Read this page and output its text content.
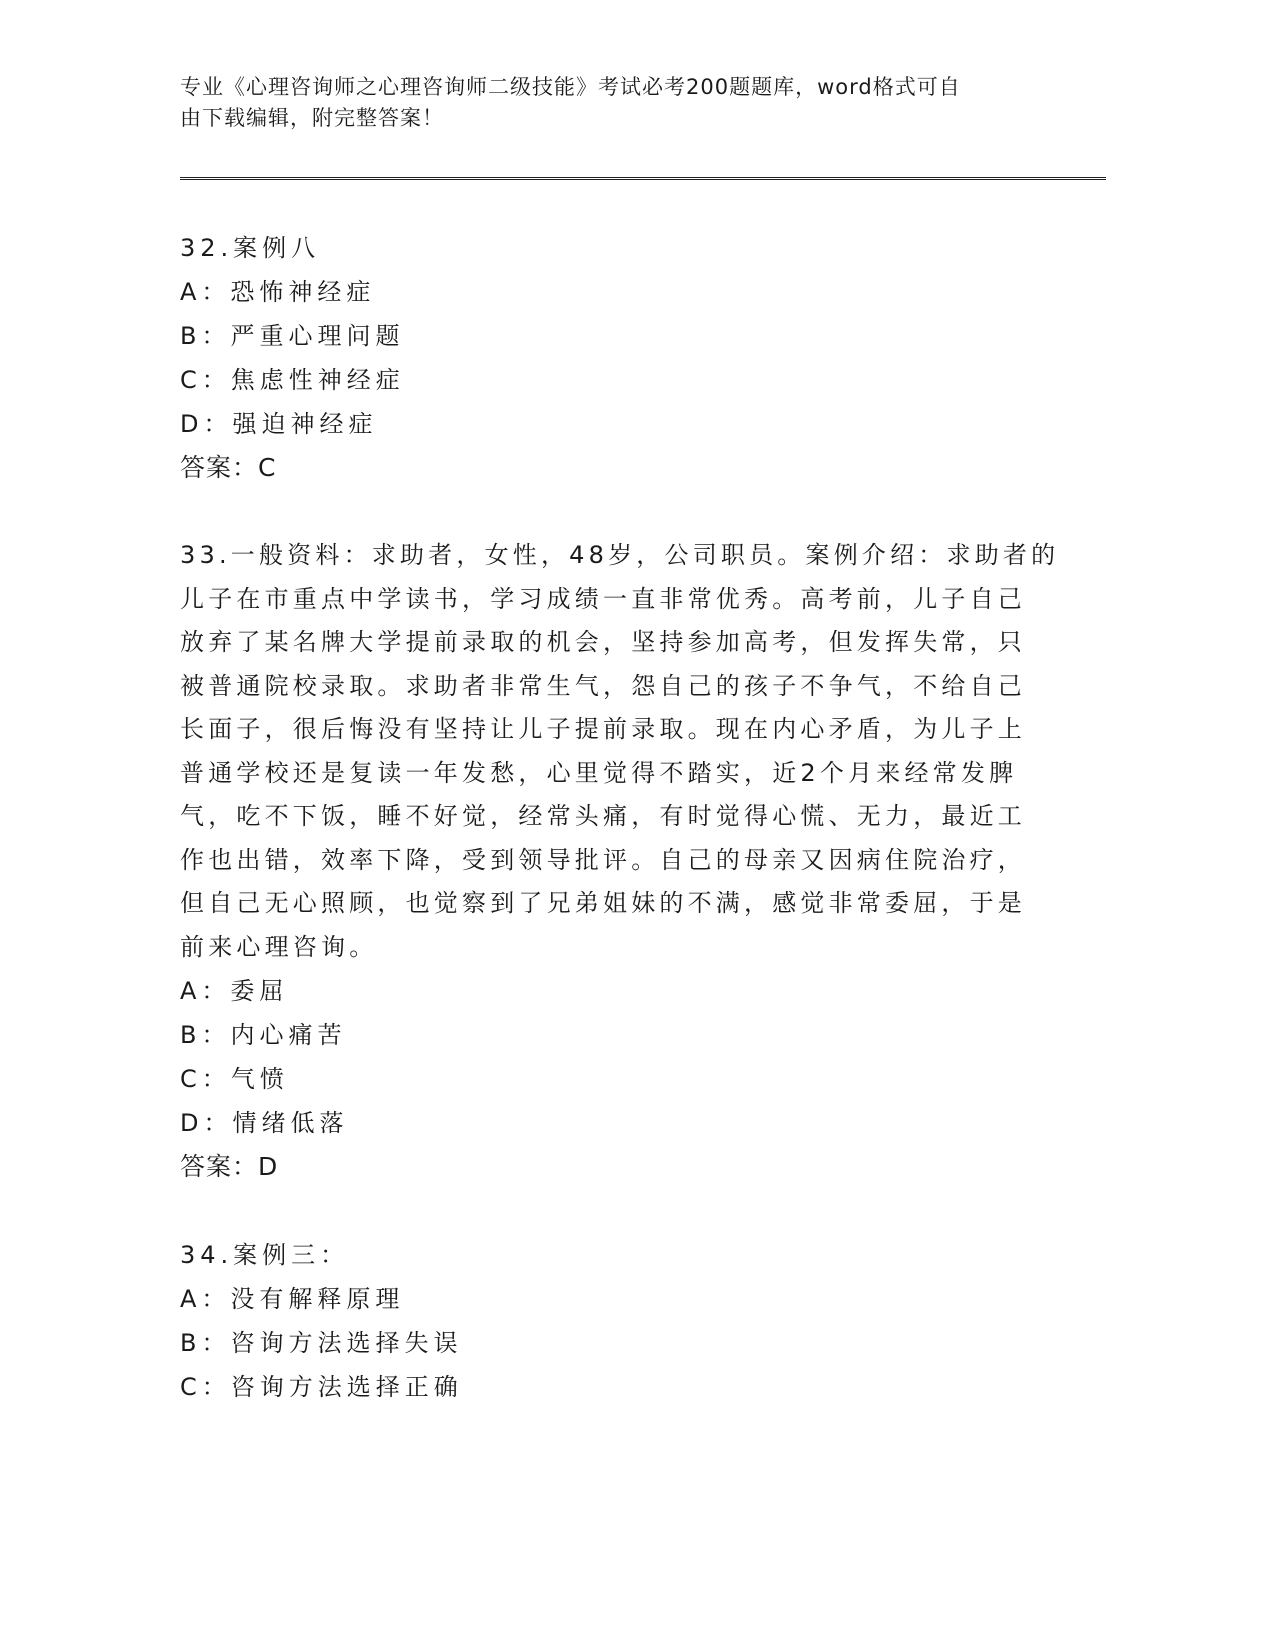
专业《心理咨询师之心理咨询师二级技能》考试必考200题题库，word格式可自
由下载编辑，附完整答案！
32.案例八
A：恐怖神经症
B：严重心理问题
C：焦虑性神经症
D：强迫神经症
答案：C
33.一般资料：求助者，女性，48岁，公司职员。案例介绍：求助者的
儿子在市重点中学读书，学习成绩一直非常优秀。高考前，儿子自己
放弃了某名牌大学提前录取的机会，坚持参加高考，但发挥失常，只
被普通院校录取。求助者非常生气，怨自己的孩子不争气，不给自己
长面子，很后悔没有坚持让儿子提前录取。现在内心矛盾，为儿子上
普通学校还是复读一年发愁，心里觉得不踏实，近2个月来经常发脾
气，吃不下饭，睡不好觉，经常头痛，有时觉得心慌、无力，最近工
作也出错，效率下降，受到领导批评。自己的母亲又因病住院治疗，
但自己无心照顾，也觉察到了兄弟姐妹的不满，感觉非常委屈，于是
前来心理咨询。
A：委屈
B：内心痛苦
C：气愤
D：情绪低落
答案：D
34.案例三：
A：没有解释原理
B：咨询方法选择失误
C：咨询方法选择正确
